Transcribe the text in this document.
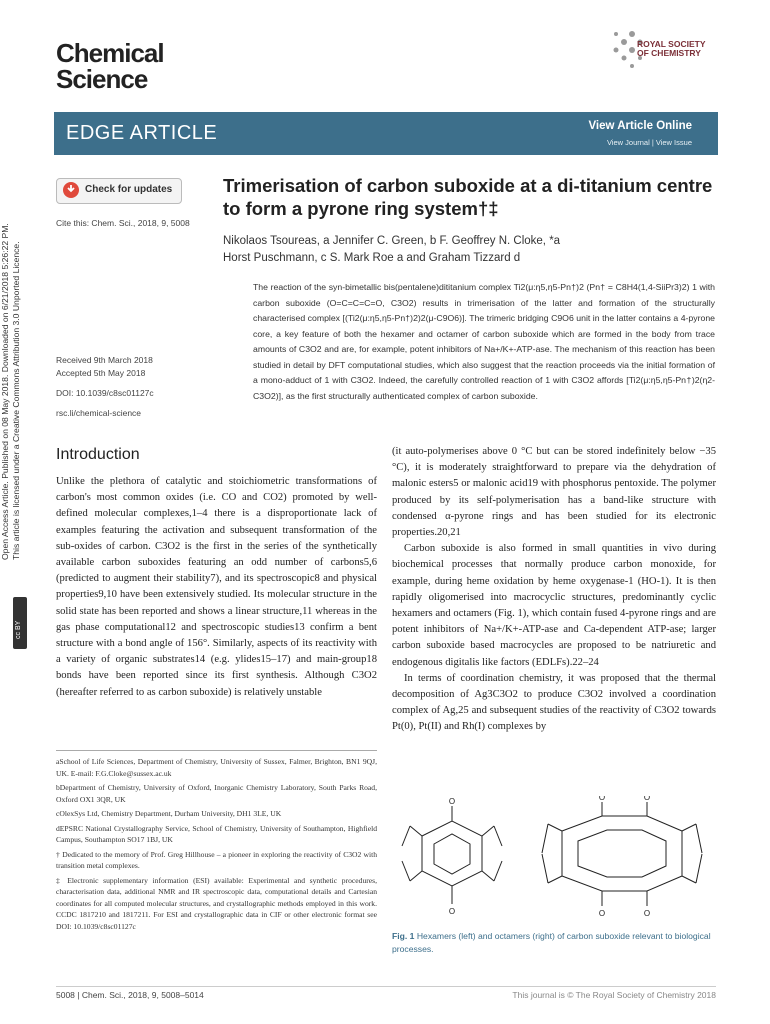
Chemical
Science
ROYAL SOCIETY
OF CHEMISTRY
EDGE ARTICLE	View Article Online
View Journal | View Issue
Open Access Article. Published on 08 May 2018. Downloaded on 6/21/2018 5:26:22 PM. This article is licensed under a Creative Commons Attribution 3.0 Unported Licence.
cc BY
Check for updates
Cite this: Chem. Sci., 2018, 9, 5008
Received 9th March 2018
Accepted 5th May 2018
DOI: 10.1039/c8sc01127c
rsc.li/chemical-science
Trimerisation of carbon suboxide at a di-titanium centre to form a pyrone ring system†‡
Nikolaos Tsoureas, a Jennifer C. Green, b F. Geoffrey N. Cloke, *a
Horst Puschmann, c S. Mark Roe a and Graham Tizzard d
The reaction of the syn-bimetallic bis(pentalene)dititanium complex Ti2(μ:η5,η5-Pn†)2 (Pn† = C8H4(1,4-SiiPr3)2) 1 with carbon suboxide (O=C=C=C=O, C3O2) results in trimerisation of the latter and formation of the structurally characterised complex [(Ti2(μ:η5,η5-Pn†)2)2(μ-C9O6)]. The trimeric bridging C9O6 unit in the latter contains a 4-pyrone core, a key feature of both the hexamer and octamer of carbon suboxide which are formed in the body from trace amounts of C3O2 and are, for example, potent inhibitors of Na+/K+-ATP-ase. The mechanism of this reaction has been studied in detail by DFT computational studies, which also suggest that the reaction proceeds via the initial formation of a mono-adduct of 1 with C3O2. Indeed, the carefully controlled reaction of 1 with C3O2 affords [Ti2(μ:η5,η5-Pn†)2(η2-C3O2)], as the first structurally authenticated complex of carbon suboxide.
Introduction

Unlike the plethora of catalytic and stoichiometric transformations of carbon's most common oxides (i.e. CO and CO2) promoted by well-defined molecular complexes,1–4 there is a disproportionate lack of examples featuring the activation and subsequent transformation of the sub-oxides of carbon. C3O2 is the first in the series of the synthetically available carbon suboxides featuring an odd number of carbons5,6 (predicted to augment their stability7), and its spectroscopic8 and physical properties9,10 have been extensively studied. Its molecular structure in the solid state has been reported and shows a linear structure,11 whereas in the gas phase computational12 and spectroscopic studies13 confirm a bent structure with a bond angle of 156°. Similarly, aspects of its reactivity with a variety of organic substrates14 (e.g. ylides15–17) and main-group18 bonds have been reported since its first synthesis. Although C3O2 (hereafter referred to as carbon suboxide) is relatively unstable

(it auto-polymerises above 0 °C but can be stored indefinitely below −35 °C), it is moderately straightforward to prepare via the dehydration of malonic esters5 or malonic acid19 with phosphorus pentoxide. The polymer produced by its self-polymerisation has a band-like structure with condensed α-pyrone rings and has been studied for its electronic properties.20,21

Carbon suboxide is also formed in small quantities in vivo during biochemical processes that normally produce carbon monoxide, for example, during heme oxidation by heme oxygenase-1 (HO-1). It is then rapidly oligomerised into macrocyclic structures, predominantly cyclic hexamers and octamers (Fig. 1), which contain fused 4-pyrone rings and are potent inhibitors of Na+/K+-ATP-ase and Ca-dependent ATP-ase; larger carbon suboxide based macrocycles are proposed to be natriuretic and endogenous digitalis like factors (EDLFs).22–24

In terms of coordination chemistry, it was proposed that the thermal decomposition of Ag3C3O2 to produce C3O2 involved a coordination complex of Ag,25 and subsequent studies of the reactivity of C3O2 towards Pt(0), Pt(II) and Rh(I) complexes by

aSchool of Life Sciences, Department of Chemistry, University of Sussex, Falmer, Brighton, BN1 9QJ, UK. E-mail: F.G.Cloke@sussex.ac.uk

bDepartment of Chemistry, University of Oxford, Inorganic Chemistry Laboratory, South Parks Road, Oxford OX1 3QR, UK

cOlexSys Ltd, Chemistry Department, Durham University, DH1 3LE, UK

dEPSRC National Crystallography Service, School of Chemistry, University of Southampton, Highfield Campus, Southampton SO17 1BJ, UK

† Dedicated to the memory of Prof. Greg Hillhouse – a pioneer in exploring the reactivity of C3O2 with transition metal complexes.

‡ Electronic supplementary information (ESI) available: Experimental and synthetic procedures, characterisation data, additional NMR and IR spectroscopic data, computational details and Cartesian coordinates for all computed molecular structures, and crystallographic methods employed in this work. CCDC 1817210 and 1817211. For ESI and crystallographic data in CIF or other electronic format see DOI: 10.1039/c8sc01127c

O
O
O	O
O	O
Fig. 1 Hexamers (left) and octamers (right) of carbon suboxide relevant to biological processes.
5008 | Chem. Sci., 2018, 9, 5008–5014	This journal is © The Royal Society of Chemistry 2018
